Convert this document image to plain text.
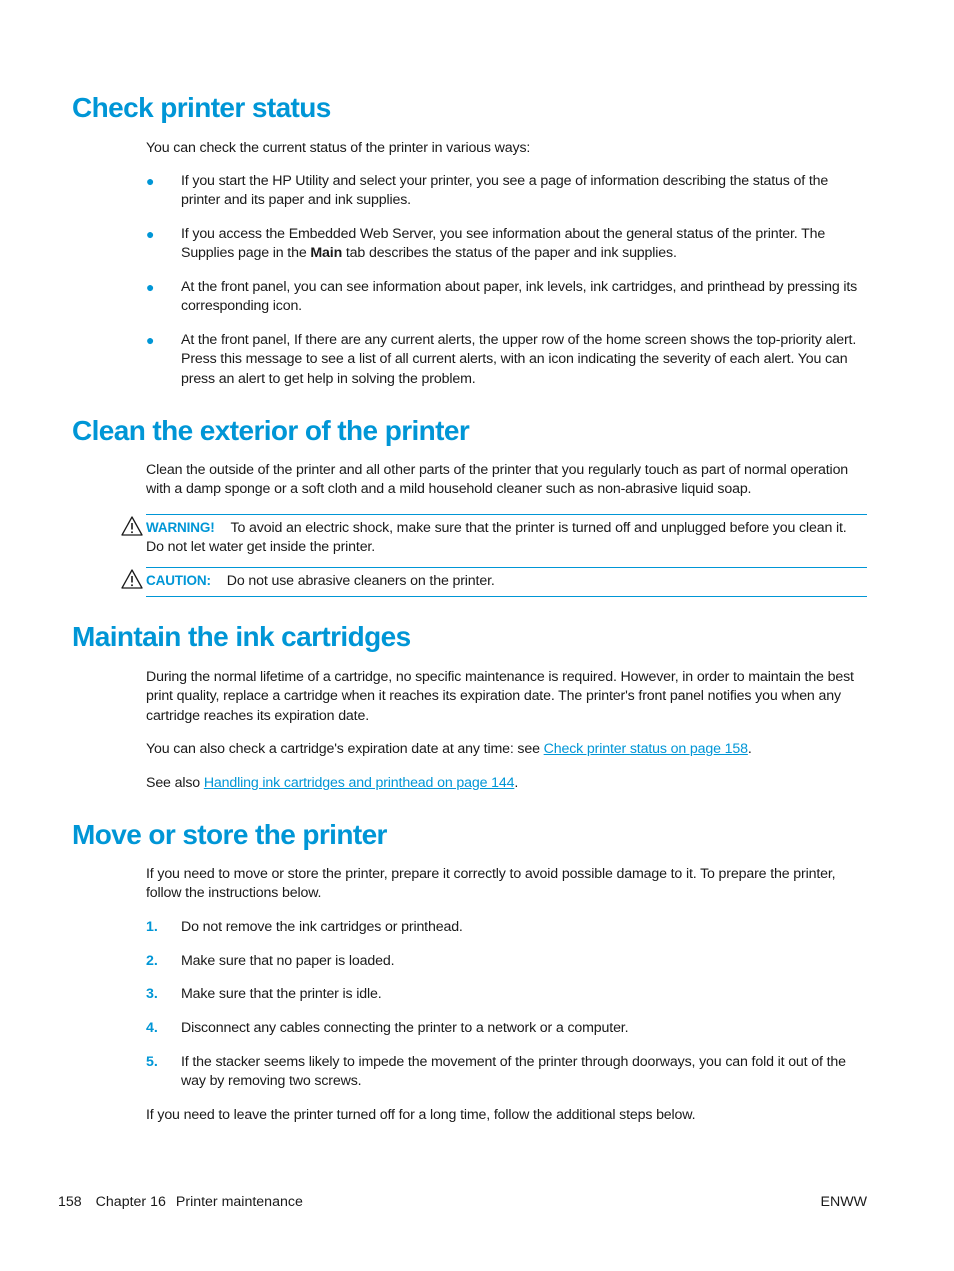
Check printer status

You can check the current status of the printer in various ways:

● If you start the HP Utility and select your printer, you see a page of information describing the status of the printer and its paper and ink supplies.

● If you access the Embedded Web Server, you see information about the general status of the printer. The Supplies page in the Main tab describes the status of the paper and ink supplies.

● At the front panel, you can see information about paper, ink levels, ink cartridges, and printhead by pressing its corresponding icon.

● At the front panel, If there are any current alerts, the upper row of the home screen shows the top-priority alert. Press this message to see a list of all current alerts, with an icon indicating the severity of each alert. You can press an alert to get help in solving the problem.

Clean the exterior of the printer

Clean the outside of the printer and all other parts of the printer that you regularly touch as part of normal operation with a damp sponge or a soft cloth and a mild household cleaner such as non-abrasive liquid soap.

WARNING! To avoid an electric shock, make sure that the printer is turned off and unplugged before you clean it. Do not let water get inside the printer.

CAUTION: Do not use abrasive cleaners on the printer.

Maintain the ink cartridges

During the normal lifetime of a cartridge, no specific maintenance is required. However, in order to maintain the best print quality, replace a cartridge when it reaches its expiration date. The printer's front panel notifies you when any cartridge reaches its expiration date.

You can also check a cartridge's expiration date at any time: see Check printer status on page 158.

See also Handling ink cartridges and printhead on page 144.

Move or store the printer

If you need to move or store the printer, prepare it correctly to avoid possible damage to it. To prepare the printer, follow the instructions below.

1. Do not remove the ink cartridges or printhead.

2. Make sure that no paper is loaded.

3. Make sure that the printer is idle.

4. Disconnect any cables connecting the printer to a network or a computer.

5. If the stacker seems likely to impede the movement of the printer through doorways, you can fold it out of the way by removing two screws.

If you need to leave the printer turned off for a long time, follow the additional steps below.

158 Chapter 16 Printer maintenance	ENWW
